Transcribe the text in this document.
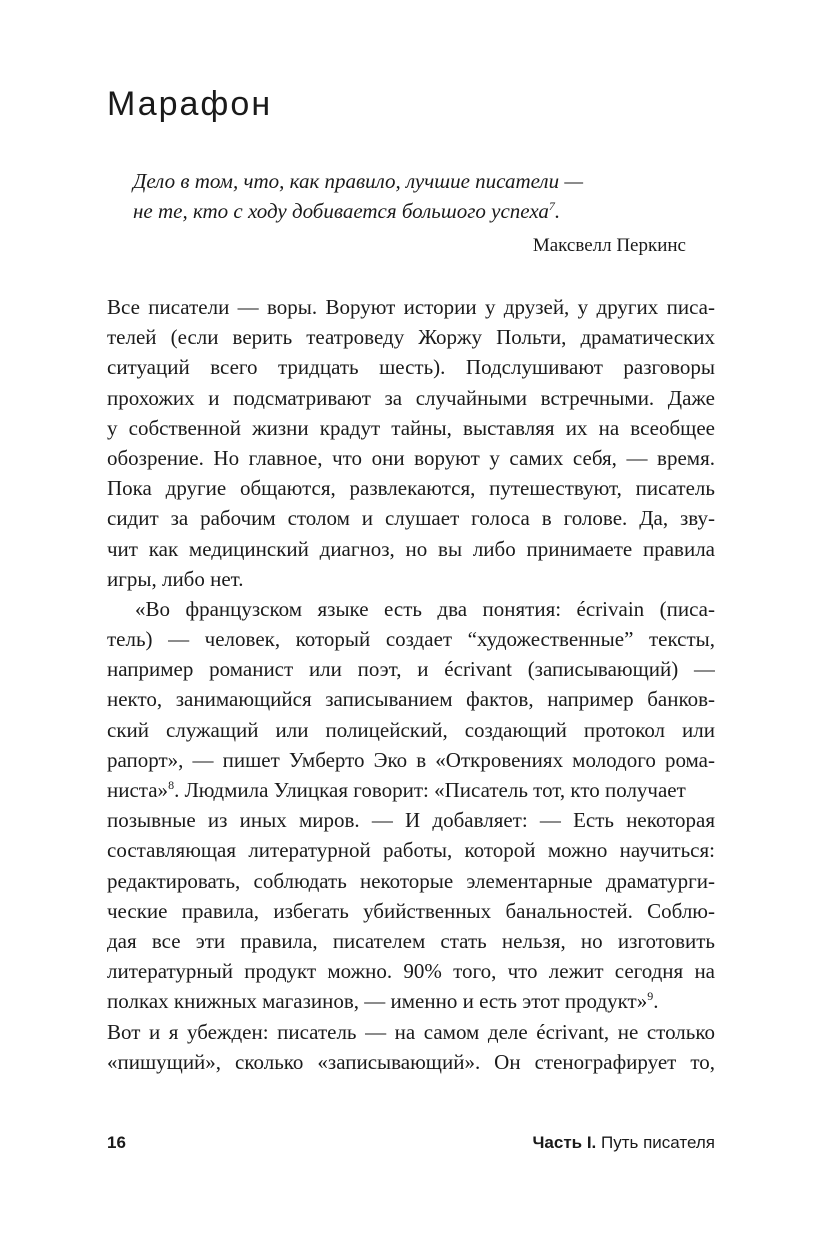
Марафон
Дело в том, что, как правило, лучшие писатели —
не те, кто с ходу добивается большого успеха$^7$.
Максвелл Перкинс
Все писатели — воры. Воруют истории у друзей, у других писа-
телей (если верить театроведу Жоржу Польти, драматических
ситуаций всего тридцать шесть). Подслушивают разговоры
прохожих и подсматривают за случайными встречными. Даже
у собственной жизни крадут тайны, выставляя их на всеобщее
обозрение. Но главное, что они воруют у самих себя, — время.
Пока другие общаются, развлекаются, путешествуют, писатель
сидит за рабочим столом и слушает голоса в голове. Да, зву-
чит как медицинский диагноз, но вы либо принимаете правила
игры, либо нет.
«Во французском языке есть два понятия: écrivain (писа-
тель) — человек, который создает “художественные” тексты,
например романист или поэт, и écrivant (записывающий) —
некто, занимающийся записыванием фактов, например банков-
ский служащий или полицейский, создающий протокол или
рапорт», — пишет Умберто Эко в «Откровениях молодого рома-
ниста»$^8$. Людмила Улицкая говорит: «Писатель тот, кто получает
позывные из иных миров. — И добавляет: — Есть некоторая
составляющая литературной работы, которой можно научиться:
редактировать, соблюдать некоторые элементарные драматурги-
ческие правила, избегать убийственных банальностей. Соблю-
дая все эти правила, писателем стать нельзя, но изготовить
литературный продукт можно. 90% того, что лежит сегодня на
полках книжных магазинов, — именно и есть этот продукт»$^9$.
Вот и я убежден: писатель — на самом деле écrivant, не столько
«пишущий», сколько «записывающий». Он стенографирует то,
16	Часть I. Путь писателя
